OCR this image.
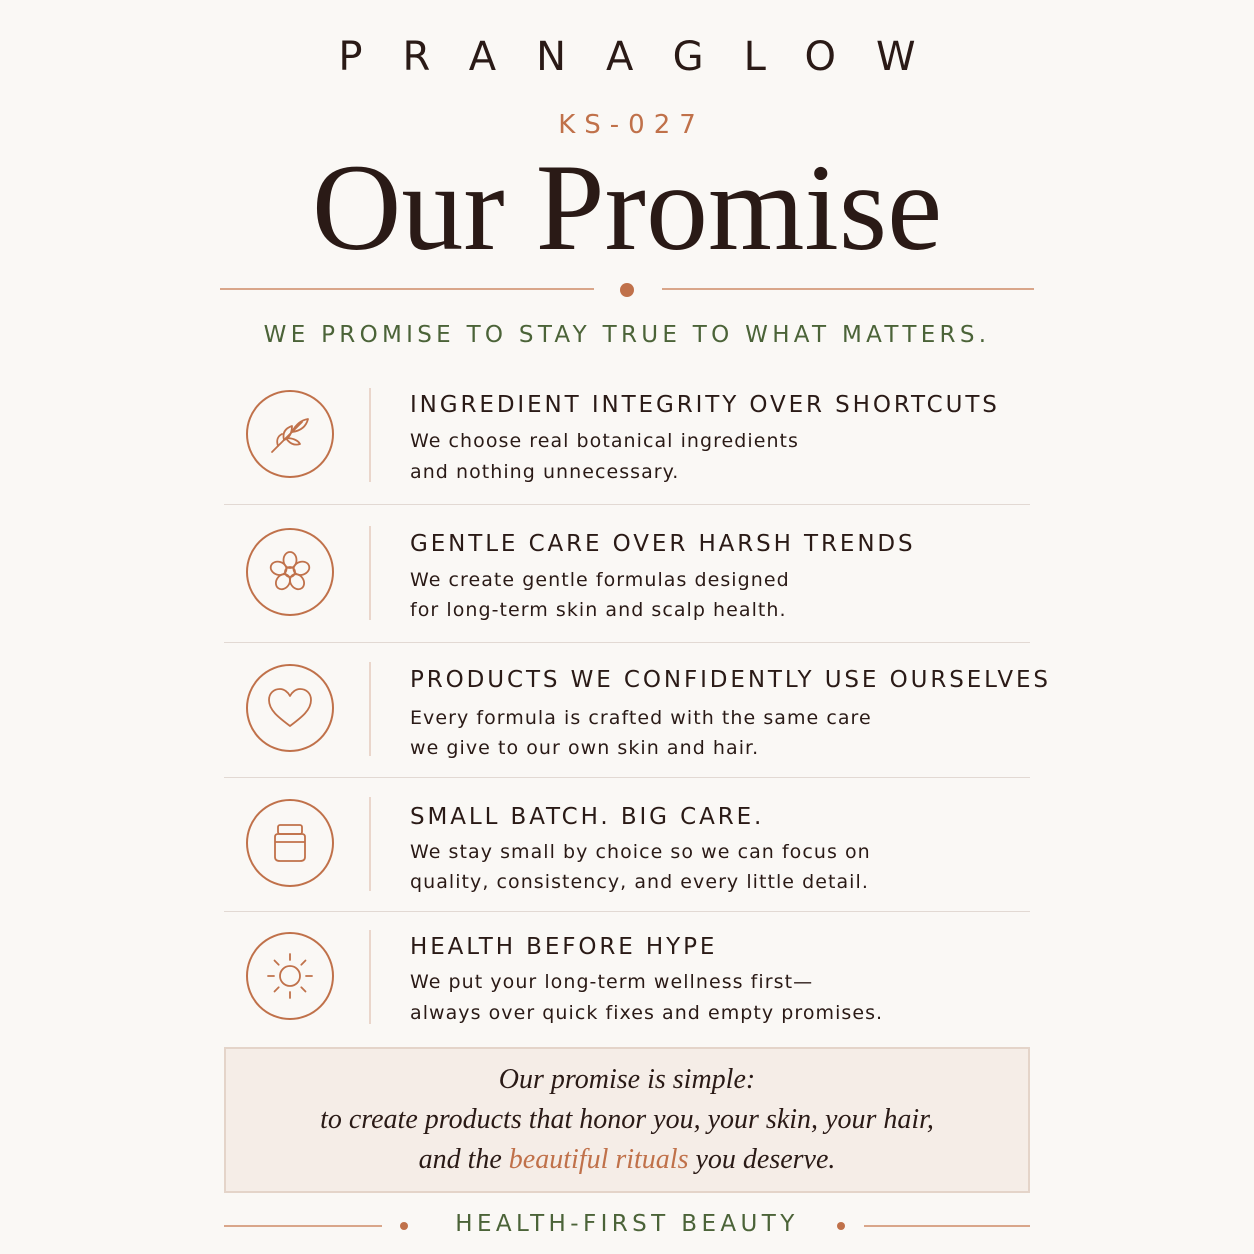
PRANAGLOW
KS-027
Our Promise
WE PROMISE TO STAY TRUE TO WHAT MATTERS.
INGREDIENT INTEGRITY OVER SHORTCUTS
We choose real botanical ingredients
and nothing unnecessary.
GENTLE CARE OVER HARSH TRENDS
We create gentle formulas designed
for long-term skin and scalp health.
PRODUCTS WE CONFIDENTLY USE OURSELVES
Every formula is crafted with the same care
we give to our own skin and hair.
SMALL BATCH. BIG CARE.
We stay small by choice so we can focus on
quality, consistency, and every little detail.
HEALTH BEFORE HYPE
We put your long-term wellness first—
always over quick fixes and empty promises.
Our promise is simple:
to create products that honor you, your skin, your hair,
and the beautiful rituals you deserve.
HEALTH-FIRST BEAUTY
